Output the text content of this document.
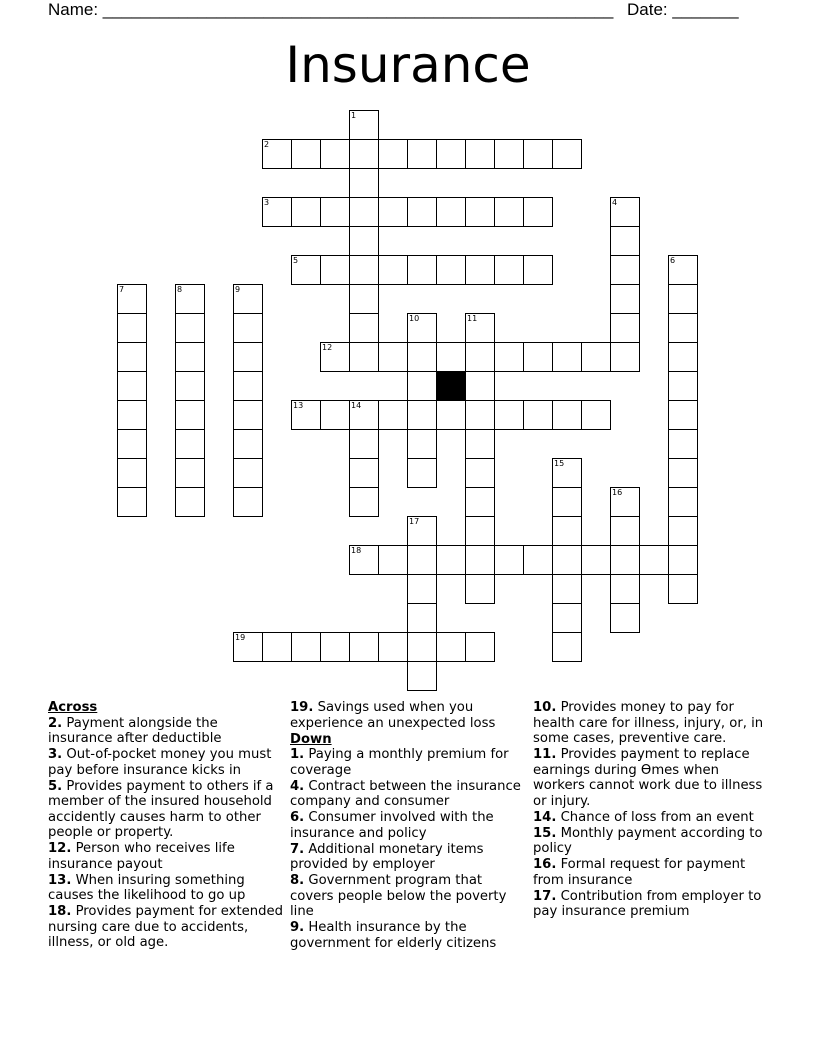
Name: ______________________________________________________ Date: _______
Insurance
1
2
3	4
5	6
7	8	9
10	11
12
13	14
15
16
17
18
19
Across
2. Payment alongside the insurance after deductible
3. Out-of-pocket money you must pay before insurance kicks in
5. Provides payment to others if a member of the insured household accidently causes harm to other people or property.
12. Person who receives life insurance payout
13. When insuring something causes the likelihood to go up
18. Provides payment for extended nursing care due to accidents, illness, or old age.
19. Savings used when you experience an unexpected loss
Down
1. Paying a monthly premium for coverage
4. Contract between the insurance company and consumer
6. Consumer involved with the insurance and policy
7. Additional monetary items provided by employer
8. Government program that covers people below the poverty line
9. Health insurance by the government for elderly citizens
10. Provides money to pay for health care for illness, injury, or, in some cases, preventive care.
11. Provides payment to replace earnings during Ɵmes when workers cannot work due to illness or injury.
14. Chance of loss from an event
15. Monthly payment according to policy
16. Formal request for payment from insurance
17. Contribution from employer to pay insurance premium
